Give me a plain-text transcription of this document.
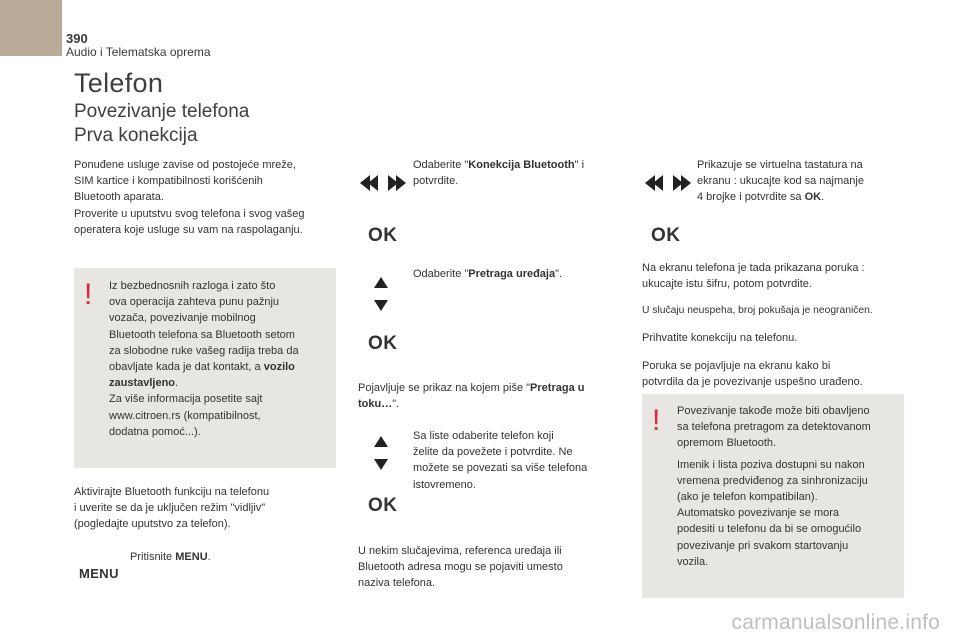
390
Audio i Telematska oprema
Telefon
Povezivanje telefona
Prva konekcija
Ponuđene usluge zavise od postojeće mreže,
SIM kartice i kompatibilnosti korišćenih
Bluetooth aparata.
Proverite u uputstvu svog telefona i svog vašeg
operatera koje usluge su vam na raspolaganju.
! Iz bezbednosnih razloga i zato što
ova operacija zahteva punu pažnju
vozača, povezivanje mobilnog
Bluetooth telefona sa Bluetooth setom
za slobodne ruke vašeg radija treba da
obavljate kada je dat kontakt, a vozilo
zaustavljeno.
Za više informacija posetite sajt
www.citroen.rs (kompatibilnost,
dodatna pomoć...).
Aktivirajte Bluetooth funkciju na telefonu
i uverite se da je uključen režim "vidljiv"
(pogledajte uputstvo za telefon).
Pritisnite MENU.
MENU
Odaberite "Konekcija Bluetooth" i
potvrdite.
OK
Odaberite "Pretraga uređaja".
OK
Pojavljuje se prikaz na kojem piše "Pretraga u
toku…".
Sa liste odaberite telefon koji
želite da povežete i potvrdite. Ne
možete se povezati sa više telefona
istovremeno.
OK
U nekim slučajevima, referenca uređaja ili
Bluetooth adresa mogu se pojaviti umesto
naziva telefona.
Prikazuje se virtuelna tastatura na
ekranu : ukucajte kod sa najmanje
4 brojke i potvrdite sa OK.
OK
Na ekranu telefona je tada prikazana poruka :
ukucajte istu šifru, potom potvrdite.
U slučaju neuspeha, broj pokušaja je neograničen.
Prihvatite konekciju na telefonu.
Poruka se pojavljuje na ekranu kako bi
potvrdila da je povezivanje uspešno urađeno.
! Povezivanje takođe može biti obavljeno
sa telefona pretragom za detektovanom
opremom Bluetooth.
Imenik i lista poziva dostupni su nakon
vremena predviđenog za sinhronizaciju
(ako je telefon kompatibilan).
Automatsko povezivanje se mora
podesiti u telefonu da bi se omogućilo
povezivanje pri svakom startovanju
vozila.
carmanualsonline.info
